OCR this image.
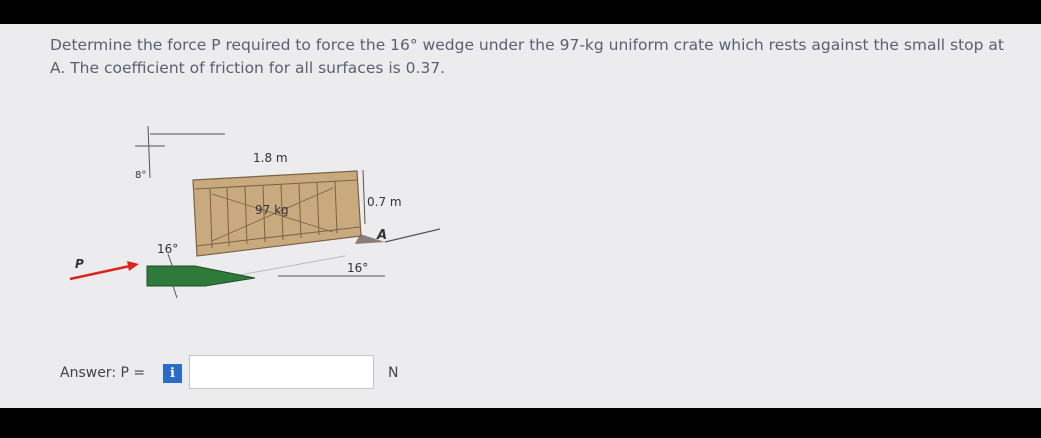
Determine the force P required to force the 16° wedge under the 97-kg uniform crate which rests against the small stop at A. The coefficient of friction for all surfaces is 0.37.
97 kg
P
1.8 m
8°
16°
0.7 m
A
16°
Answer: P =	i	N
